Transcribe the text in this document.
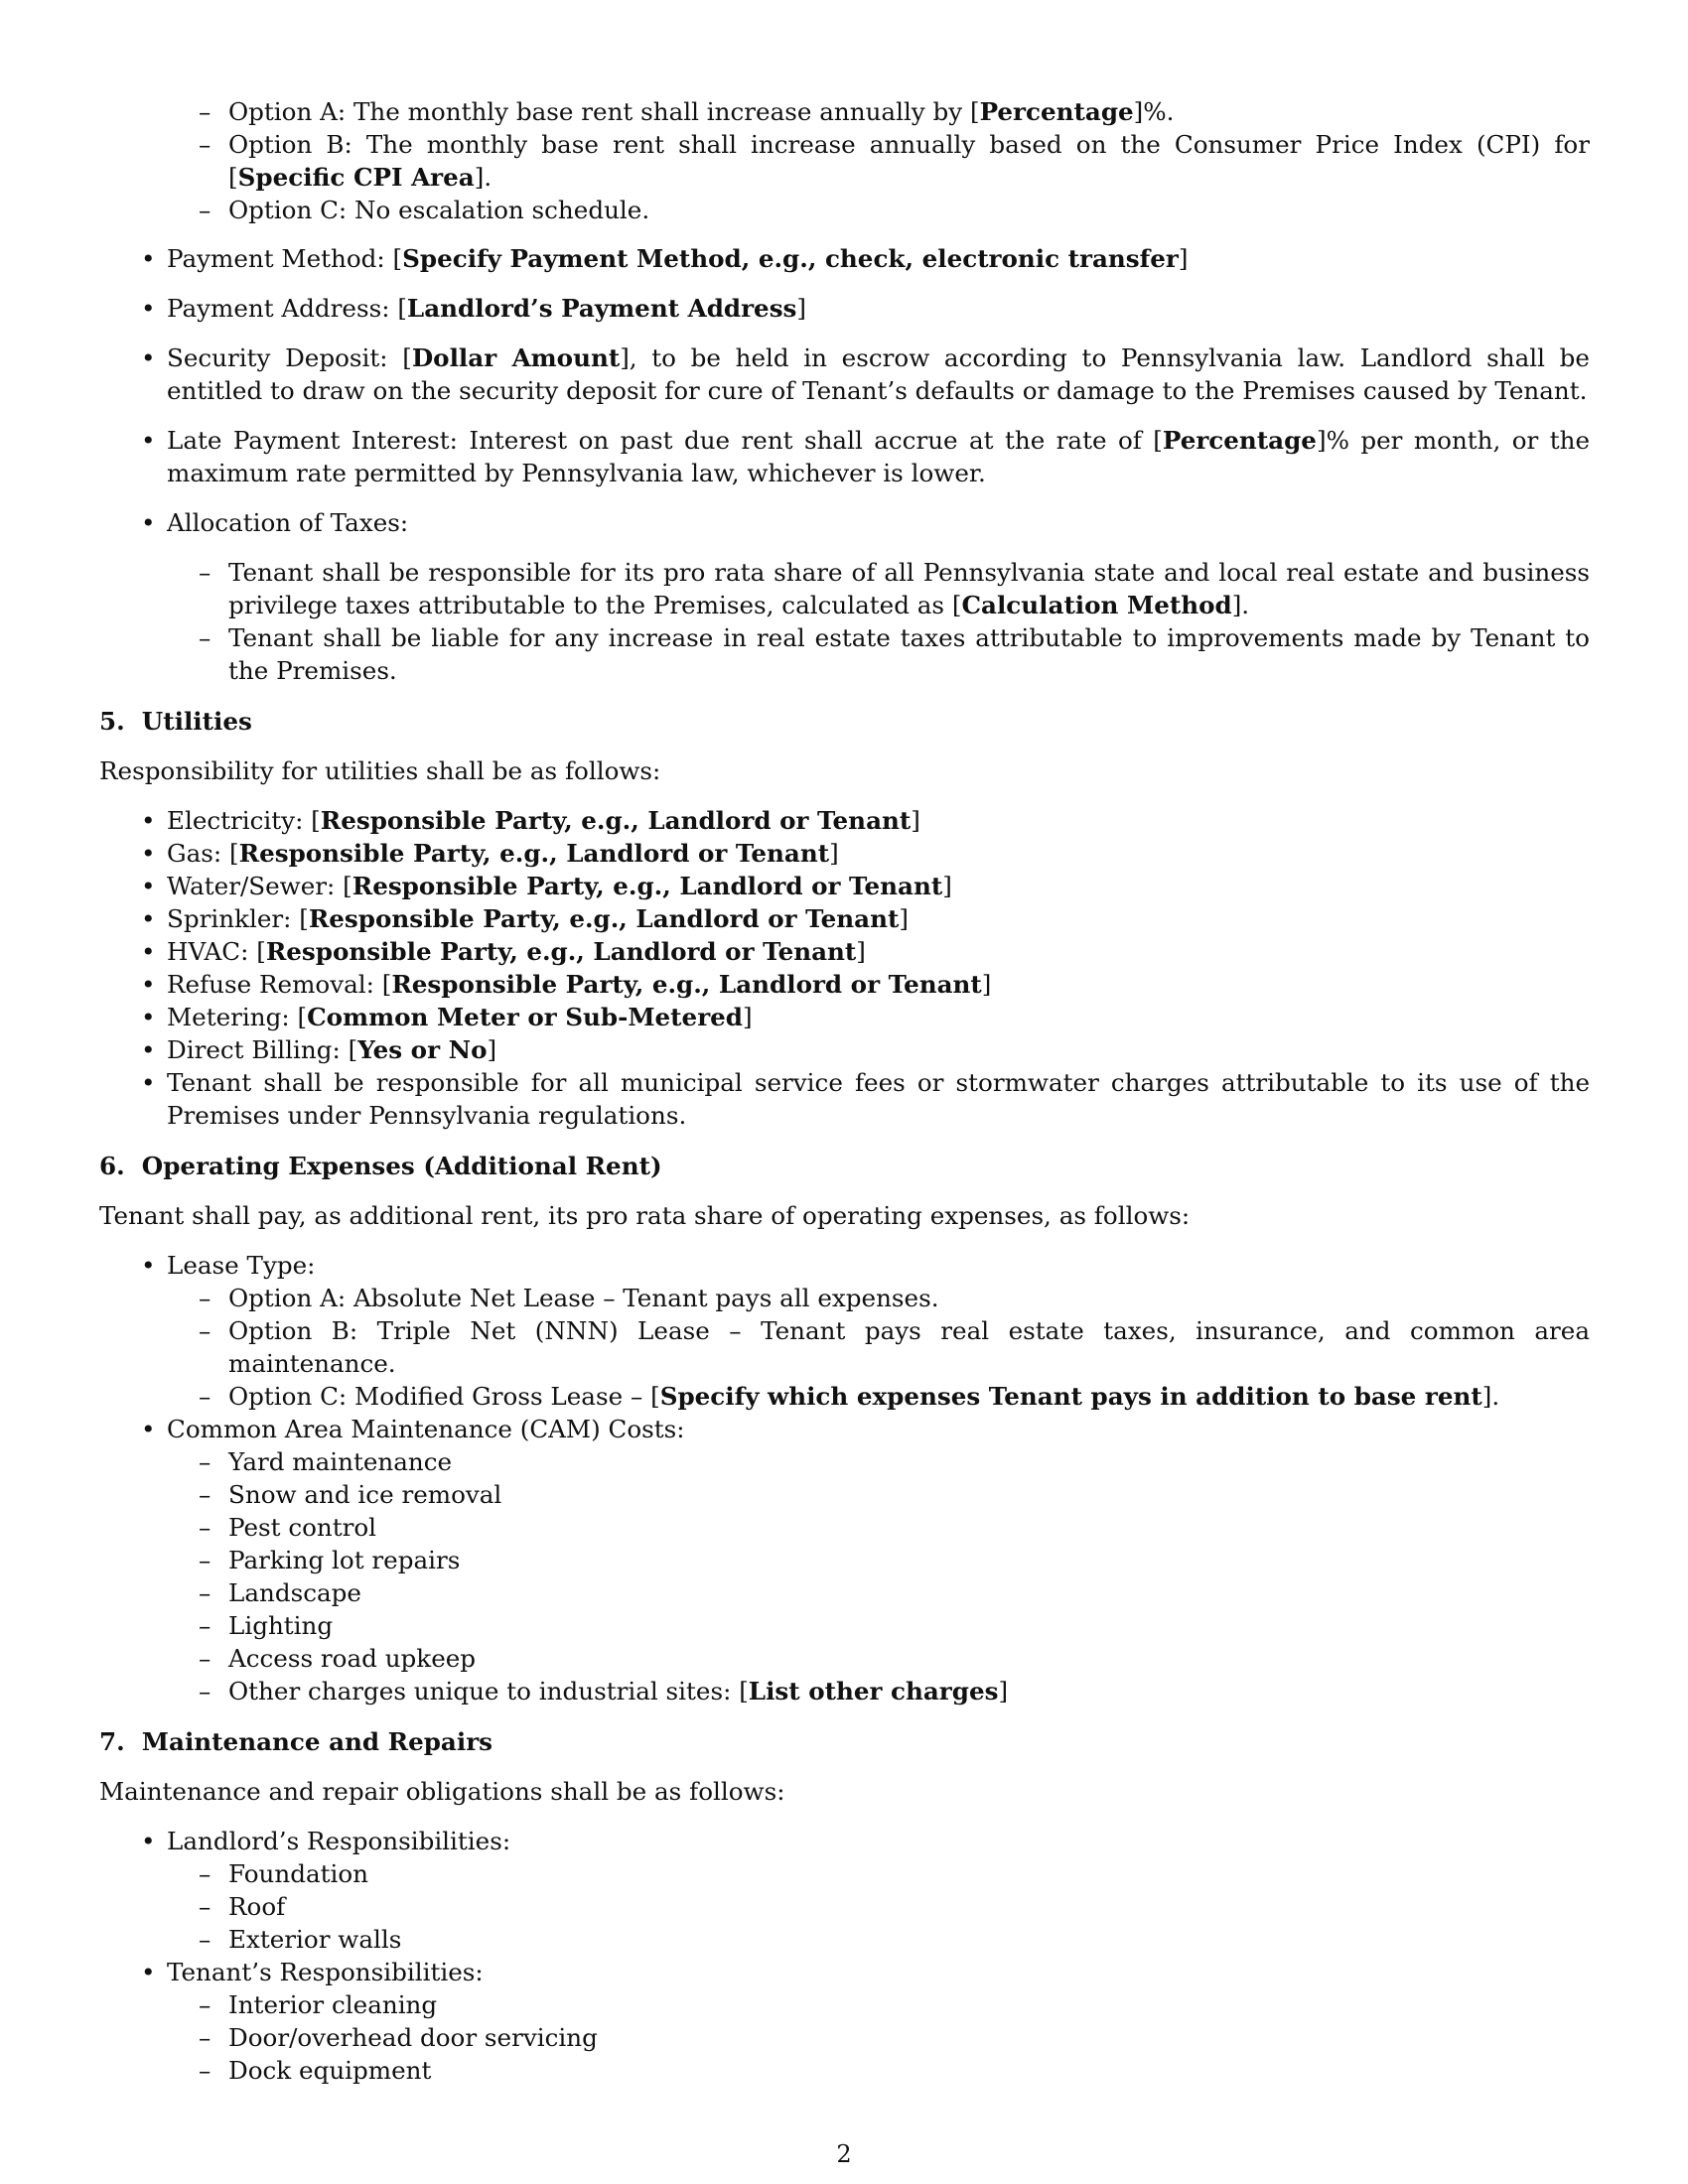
– Option A: The monthly base rent shall increase annually by [Percentage]%.
– Option B: The monthly base rent shall increase annually based on the Consumer Price Index (CPI) for [Specific CPI Area].
– Option C: No escalation schedule.
• Payment Method: [Specify Payment Method, e.g., check, electronic transfer]
• Payment Address: [Landlord’s Payment Address]
• Security Deposit: [Dollar Amount], to be held in escrow according to Pennsylvania law. Landlord shall be entitled to draw on the security deposit for cure of Tenant’s defaults or damage to the Premises caused by Tenant.
• Late Payment Interest: Interest on past due rent shall accrue at the rate of [Percentage]% per month, or the maximum rate permitted by Pennsylvania law, whichever is lower.
• Allocation of Taxes:
– Tenant shall be responsible for its pro rata share of all Pennsylvania state and local real estate and business privilege taxes attributable to the Premises, calculated as [Calculation Method].
– Tenant shall be liable for any increase in real estate taxes attributable to improvements made by Tenant to the Premises.
5.  Utilities
Responsibility for utilities shall be as follows:
• Electricity: [Responsible Party, e.g., Landlord or Tenant]
• Gas: [Responsible Party, e.g., Landlord or Tenant]
• Water/Sewer: [Responsible Party, e.g., Landlord or Tenant]
• Sprinkler: [Responsible Party, e.g., Landlord or Tenant]
• HVAC: [Responsible Party, e.g., Landlord or Tenant]
• Refuse Removal: [Responsible Party, e.g., Landlord or Tenant]
• Metering: [Common Meter or Sub-Metered]
• Direct Billing: [Yes or No]
• Tenant shall be responsible for all municipal service fees or stormwater charges attributable to its use of the Premises under Pennsylvania regulations.
6.  Operating Expenses (Additional Rent)
Tenant shall pay, as additional rent, its pro rata share of operating expenses, as follows:
• Lease Type:
– Option A: Absolute Net Lease – Tenant pays all expenses.
– Option B: Triple Net (NNN) Lease – Tenant pays real estate taxes, insurance, and common area maintenance.
– Option C: Modified Gross Lease – [Specify which expenses Tenant pays in addition to base rent].
• Common Area Maintenance (CAM) Costs:
– Yard maintenance
– Snow and ice removal
– Pest control
– Parking lot repairs
– Landscape
– Lighting
– Access road upkeep
– Other charges unique to industrial sites: [List other charges]
7.  Maintenance and Repairs
Maintenance and repair obligations shall be as follows:
• Landlord’s Responsibilities:
– Foundation
– Roof
– Exterior walls
• Tenant’s Responsibilities:
– Interior cleaning
– Door/overhead door servicing
– Dock equipment
2
